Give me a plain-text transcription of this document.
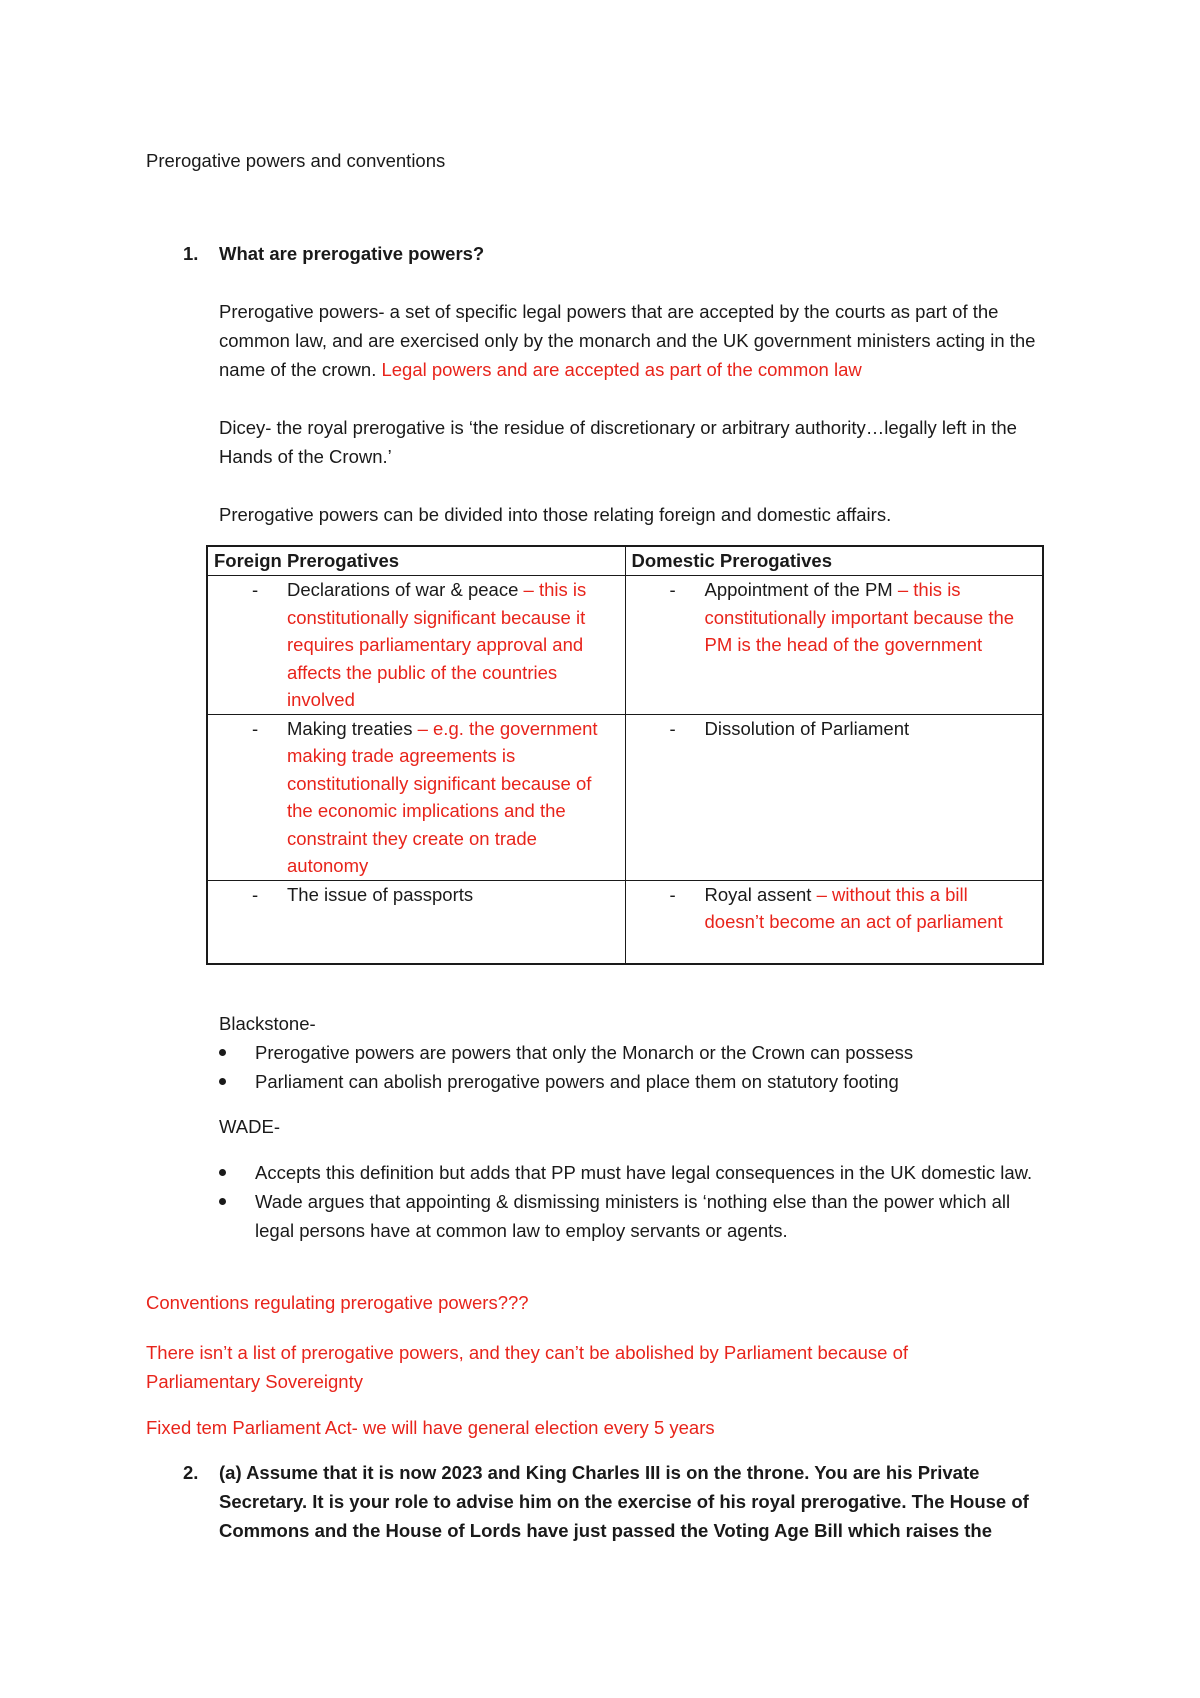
Prerogative powers and conventions
1. What are prerogative powers?
Prerogative powers- a set of specific legal powers that are accepted by the courts as part of the common law, and are exercised only by the monarch and the UK government ministers acting in the name of the crown. Legal powers and are accepted as part of the common law
Dicey- the royal prerogative is ‘the residue of discretionary or arbitrary authority…legally left in the Hands of the Crown.’
Prerogative powers can be divided into those relating foreign and domestic affairs.
Foreign Prerogatives	Domestic Prerogatives

- Declarations of war & peace – this is constitutionally significant because it requires parliamentary approval and affects the public of the countries involved	- Appointment of the PM – this is constitutionally important because the PM is the head of the government

- Making treaties – e.g. the government making trade agreements is constitutionally significant because of the economic implications and the constraint they create on trade autonomy	- Dissolution of Parliament

- The issue of passports	- Royal assent – without this a bill doesn’t become an act of parliament
Blackstone-
Prerogative powers are powers that only the Monarch or the Crown can possess
Parliament can abolish prerogative powers and place them on statutory footing
WADE-
Accepts this definition but adds that PP must have legal consequences in the UK domestic law.
Wade argues that appointing & dismissing ministers is ‘nothing else than the power which all legal persons have at common law to employ servants or agents.
Conventions regulating prerogative powers???
There isn’t a list of prerogative powers, and they can’t be abolished by Parliament because of Parliamentary Sovereignty
Fixed tem Parliament Act- we will have general election every 5 years
2. (a) Assume that it is now 2023 and King Charles III is on the throne. You are his Private Secretary. It is your role to advise him on the exercise of his royal prerogative. The House of Commons and the House of Lords have just passed the Voting Age Bill which raises the
